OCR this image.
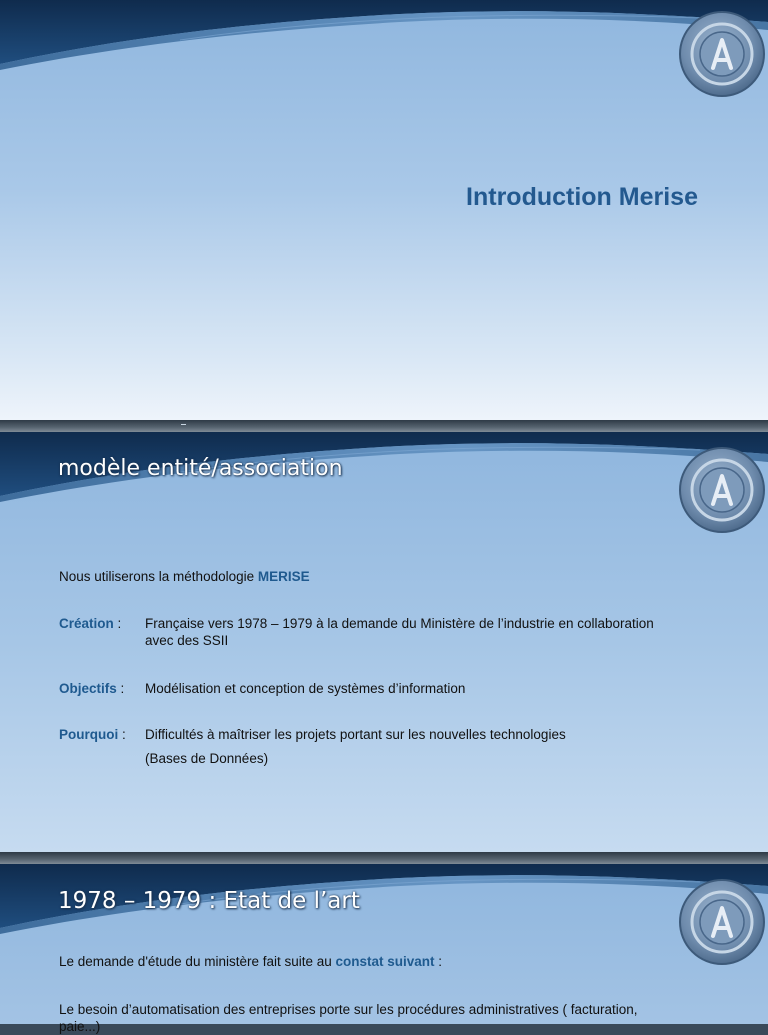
Introduction Merise
modèle entité/association
Nous utiliserons la méthodologie MERISE
Création : Française vers 1978 – 1979 à la demande du Ministère de l’industrie en collaboration
avec des SSII
Objectifs : Modélisation et conception de systèmes d’information
Pourquoi : Difficultés à maîtriser les projets portant sur les nouvelles technologies
(Bases de Données)
1978 – 1979 : Etat de l’art
Le demande d'étude du ministère fait suite au constat suivant :
Le besoin d’automatisation des entreprises porte sur les procédures administratives ( facturation,
paie...)
